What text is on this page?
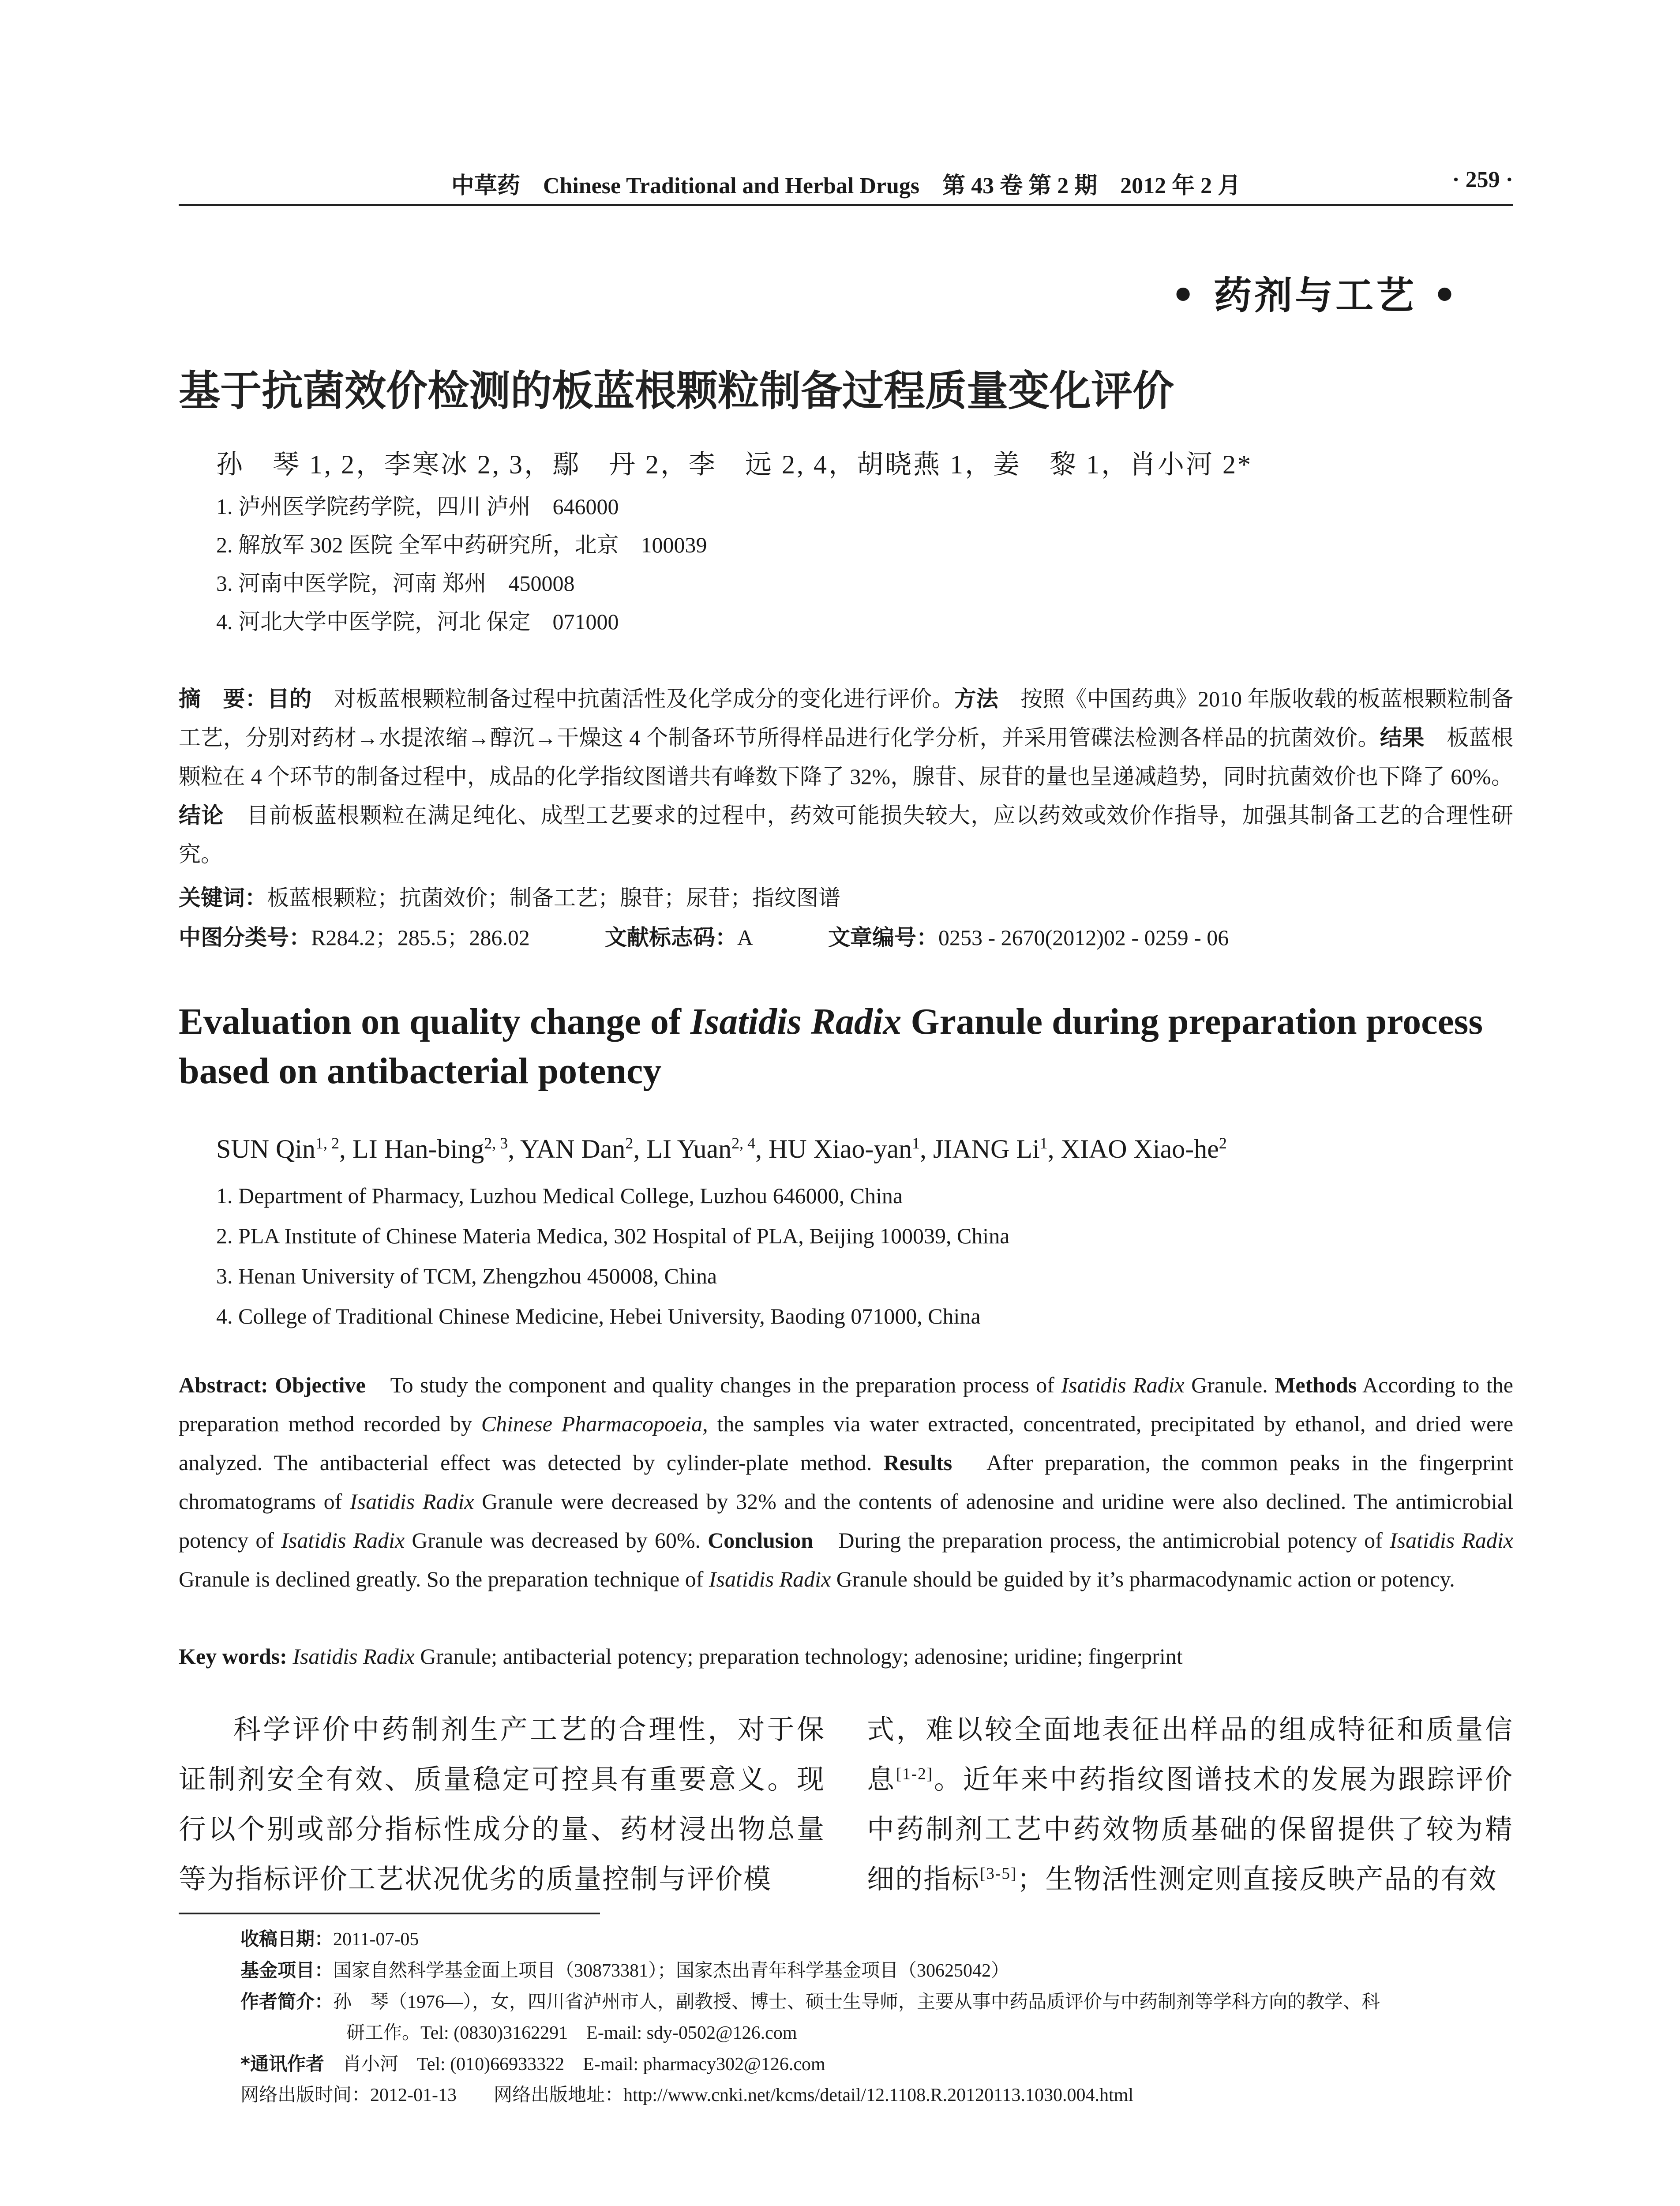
中草药　Chinese Traditional and Herbal Drugs　第 43 卷 第 2 期　2012 年 2 月	· 259 ·
• 药剂与工艺 •
基于抗菌效价检测的板蓝根颗粒制备过程质量变化评价
孙　琴 1, 2，李寒冰 2, 3，鄢　丹 2，李　远 2, 4，胡晓燕 1，姜　黎 1，肖小河 2*
1. 泸州医学院药学院，四川 泸州　646000
2. 解放军 302 医院 全军中药研究所，北京　100039
3. 河南中医学院，河南 郑州　450008
4. 河北大学中医学院，河北 保定　071000
摘　要：目的　对板蓝根颗粒制备过程中抗菌活性及化学成分的变化进行评价。方法　按照《中国药典》2010 年版收载的板蓝根颗粒制备工艺，分别对药材→水提浓缩→醇沉→干燥这 4 个制备环节所得样品进行化学分析，并采用管碟法检测各样品的抗菌效价。结果　板蓝根颗粒在 4 个环节的制备过程中，成品的化学指纹图谱共有峰数下降了 32%，腺苷、尿苷的量也呈递减趋势，同时抗菌效价也下降了 60%。结论　目前板蓝根颗粒在满足纯化、成型工艺要求的过程中，药效可能损失较大，应以药效或效价作指导，加强其制备工艺的合理性研究。
关键词：板蓝根颗粒；抗菌效价；制备工艺；腺苷；尿苷；指纹图谱
中图分类号：R284.2；285.5；286.02	文献标志码：A	文章编号：0253 - 2670(2012)02 - 0259 - 06
Evaluation on quality change of Isatidis Radix Granule during preparation process based on antibacterial potency
SUN Qin$^{1, 2}$, LI Han-bing$^{2, 3}$, YAN Dan$^2$, LI Yuan$^{2, 4}$, HU Xiao-yan$^1$, JIANG Li$^1$, XIAO Xiao-$he^2$
1. Department of Pharmacy, Luzhou Medical College, Luzhou 646000, China
2. PLA Institute of Chinese Materia Medica, 302 Hospital of PLA, Beijing 100039, China
3. Henan University of TCM, Zhengzhou 450008, China
4. College of Traditional Chinese Medicine, Hebei University, Baoding 071000, China
Abstract: Objective　To study the component and quality changes in the preparation process of Isatidis Radix Granule. Methods According to the preparation method recorded by Chinese Pharmacopoeia, the samples via water extracted, concentrated, precipitated by ethanol, and dried were analyzed. The antibacterial effect was detected by cylinder-plate method. Results　After preparation, the common peaks in the fingerprint chromatograms of Isatidis Radix Granule were decreased by 32% and the contents of adenosine and uridine were also declined. The antimicrobial potency of Isatidis Radix Granule was decreased by 60%. Conclusion　During the preparation process, the antimicrobial potency of Isatidis Radix Granule is declined greatly. So the preparation technique of Isatidis Radix Granule should be guided by it’s pharmacodynamic action or potency.
Key words: Isatidis Radix Granule; antibacterial potency; preparation technology; adenosine; uridine; fingerprint
科学评价中药制剂生产工艺的合理性，对于保证制剂安全有效、质量稳定可控具有重要意义。现行以个别或部分指标性成分的量、药材浸出物总量等为指标评价工艺状况优劣的质量控制与评价模
式，难以较全面地表征出样品的组成特征和质量信息[1-2]。近年来中药指纹图谱技术的发展为跟踪评价中药制剂工艺中药效物质基础的保留提供了较为精细的指标[3-5]；生物活性测定则直接反映产品的有效
收稿日期：2011-07-05
基金项目：国家自然科学基金面上项目（30873381）；国家杰出青年科学基金项目（30625042）
作者简介：孙　琴（1976—），女，四川省泸州市人，副教授、博士、硕士生导师，主要从事中药品质评价与中药制剂等学科方向的教学、科
研工作。Tel: (0830)3162291　E-mail: sdy-0502@126.com
*通讯作者　肖小河　Tel: (010)66933322　E-mail: pharmacy302@126.com
网络出版时间：2012-01-13　　网络出版地址：http://www.cnki.net/kcms/detail/12.1108.R.20120113.1030.004.html
